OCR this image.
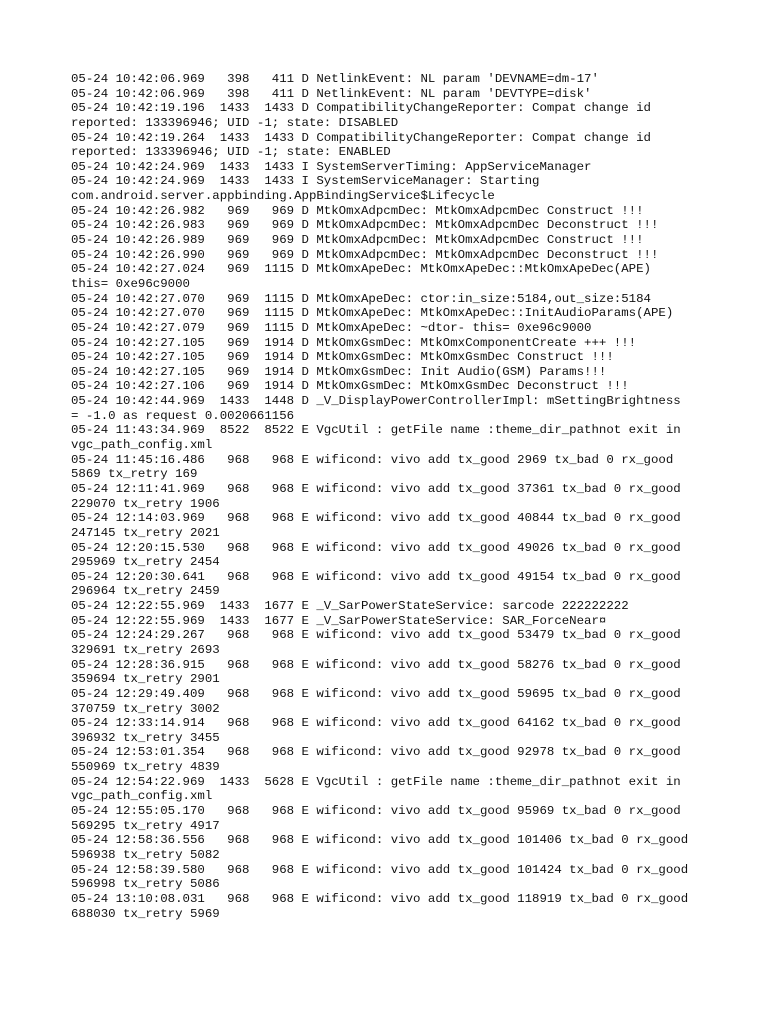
05-24 10:42:06.969   398   411 D NetlinkEvent: NL param 'DEVNAME=dm-17'
05-24 10:42:06.969   398   411 D NetlinkEvent: NL param 'DEVTYPE=disk'
05-24 10:42:19.196  1433  1433 D CompatibilityChangeReporter: Compat change id
reported: 133396946; UID -1; state: DISABLED
05-24 10:42:19.264  1433  1433 D CompatibilityChangeReporter: Compat change id
reported: 133396946; UID -1; state: ENABLED
05-24 10:42:24.969  1433  1433 I SystemServerTiming: AppServiceManager
05-24 10:42:24.969  1433  1433 I SystemServiceManager: Starting
com.android.server.appbinding.AppBindingService$Lifecycle
05-24 10:42:26.982   969   969 D MtkOmxAdpcmDec: MtkOmxAdpcmDec Construct !!!
05-24 10:42:26.983   969   969 D MtkOmxAdpcmDec: MtkOmxAdpcmDec Deconstruct !!!
05-24 10:42:26.989   969   969 D MtkOmxAdpcmDec: MtkOmxAdpcmDec Construct !!!
05-24 10:42:26.990   969   969 D MtkOmxAdpcmDec: MtkOmxAdpcmDec Deconstruct !!!
05-24 10:42:27.024   969  1115 D MtkOmxApeDec: MtkOmxApeDec::MtkOmxApeDec(APE)
this= 0xe96c9000
05-24 10:42:27.070   969  1115 D MtkOmxApeDec: ctor:in_size:5184,out_size:5184
05-24 10:42:27.070   969  1115 D MtkOmxApeDec: MtkOmxApeDec::InitAudioParams(APE)
05-24 10:42:27.079   969  1115 D MtkOmxApeDec: ~dtor- this= 0xe96c9000
05-24 10:42:27.105   969  1914 D MtkOmxGsmDec: MtkOmxComponentCreate +++ !!!
05-24 10:42:27.105   969  1914 D MtkOmxGsmDec: MtkOmxGsmDec Construct !!!
05-24 10:42:27.105   969  1914 D MtkOmxGsmDec: Init Audio(GSM) Params!!!
05-24 10:42:27.106   969  1914 D MtkOmxGsmDec: MtkOmxGsmDec Deconstruct !!!
05-24 10:42:44.969  1433  1448 D _V_DisplayPowerControllerImpl: mSettingBrightness
= -1.0 as request 0.0020661156
05-24 11:43:34.969  8522  8522 E VgcUtil : getFile name :theme_dir_pathnot exit in
vgc_path_config.xml
05-24 11:45:16.486   968   968 E wificond: vivo add tx_good 2969 tx_bad 0 rx_good
5869 tx_retry 169
05-24 12:11:41.969   968   968 E wificond: vivo add tx_good 37361 tx_bad 0 rx_good
229070 tx_retry 1906
05-24 12:14:03.969   968   968 E wificond: vivo add tx_good 40844 tx_bad 0 rx_good
247145 tx_retry 2021
05-24 12:20:15.530   968   968 E wificond: vivo add tx_good 49026 tx_bad 0 rx_good
295969 tx_retry 2454
05-24 12:20:30.641   968   968 E wificond: vivo add tx_good 49154 tx_bad 0 rx_good
296964 tx_retry 2459
05-24 12:22:55.969  1433  1677 E _V_SarPowerStateService: sarcode 222222222
05-24 12:22:55.969  1433  1677 E _V_SarPowerStateService: SAR_ForceNear¤
05-24 12:24:29.267   968   968 E wificond: vivo add tx_good 53479 tx_bad 0 rx_good
329691 tx_retry 2693
05-24 12:28:36.915   968   968 E wificond: vivo add tx_good 58276 tx_bad 0 rx_good
359694 tx_retry 2901
05-24 12:29:49.409   968   968 E wificond: vivo add tx_good 59695 tx_bad 0 rx_good
370759 tx_retry 3002
05-24 12:33:14.914   968   968 E wificond: vivo add tx_good 64162 tx_bad 0 rx_good
396932 tx_retry 3455
05-24 12:53:01.354   968   968 E wificond: vivo add tx_good 92978 tx_bad 0 rx_good
550969 tx_retry 4839
05-24 12:54:22.969  1433  5628 E VgcUtil : getFile name :theme_dir_pathnot exit in
vgc_path_config.xml
05-24 12:55:05.170   968   968 E wificond: vivo add tx_good 95969 tx_bad 0 rx_good
569295 tx_retry 4917
05-24 12:58:36.556   968   968 E wificond: vivo add tx_good 101406 tx_bad 0 rx_good
596938 tx_retry 5082
05-24 12:58:39.580   968   968 E wificond: vivo add tx_good 101424 tx_bad 0 rx_good
596998 tx_retry 5086
05-24 13:10:08.031   968   968 E wificond: vivo add tx_good 118919 tx_bad 0 rx_good
688030 tx_retry 5969
